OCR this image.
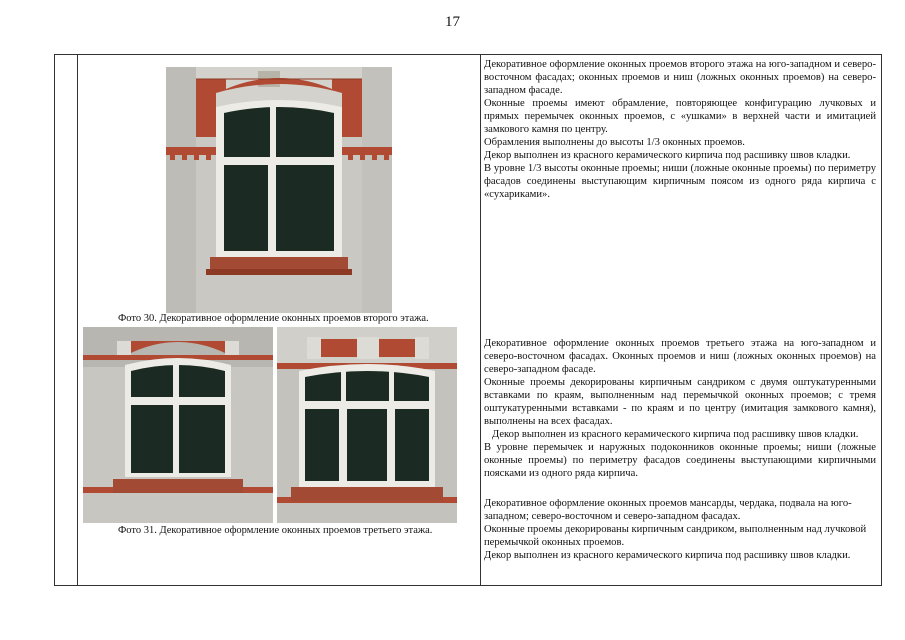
17
Фото 30. Декоративное оформление оконных проемов второго этажа.
Фото 31. Декоративное оформление оконных проемов третьего этажа.

Декоративное оформление оконных проемов второго этажа на юго-западном и северо-восточном фасадах; оконных проемов и ниш (ложных оконных проемов) на северо-западном фасаде.

Оконные проемы имеют обрамление, повторяющее конфигурацию лучковых и прямых перемычек оконных проемов, с «ушками» в верхней части и имитацией замкового камня по центру.

Обрамления выполнены до высоты 1/3 оконных проемов.

Декор выполнен из красного керамического кирпича под расшивку швов кладки.

В уровне 1/3 высоты оконные проемы; ниши (ложные оконные проемы) по периметру фасадов соединены выступающим кирпичным поясом из одного ряда кирпича с «сухариками».

Декоративное оформление оконных проемов третьего этажа на юго-западном и северо-восточном фасадах. Оконных проемов и ниш (ложных оконных проемов) на северо-западном фасаде.

Оконные проемы декорированы кирпичным сандриком с двумя оштукатуренными вставками по краям, выполненным над перемычкой оконных проемов; с тремя оштукатуренными вставками - по краям и по центру (имитация замкового камня), выполнены на всех фасадах.

Декор выполнен из красного керамического кирпича под расшивку швов кладки.

В уровне перемычек и наружных подоконников оконные проемы; ниши (ложные оконные проемы) по периметру фасадов соединены выступающими кирпичными поясками из одного ряда кирпича.

Декоративное оформление оконных проемов мансарды, чердака, подвала на юго-западном; северо-восточном и северо-западном фасадах.

Оконные проемы декорированы кирпичным сандриком, выполненным над лучковой перемычкой оконных проемов.

Декор выполнен из красного керамического кирпича под расшивку швов кладки.
